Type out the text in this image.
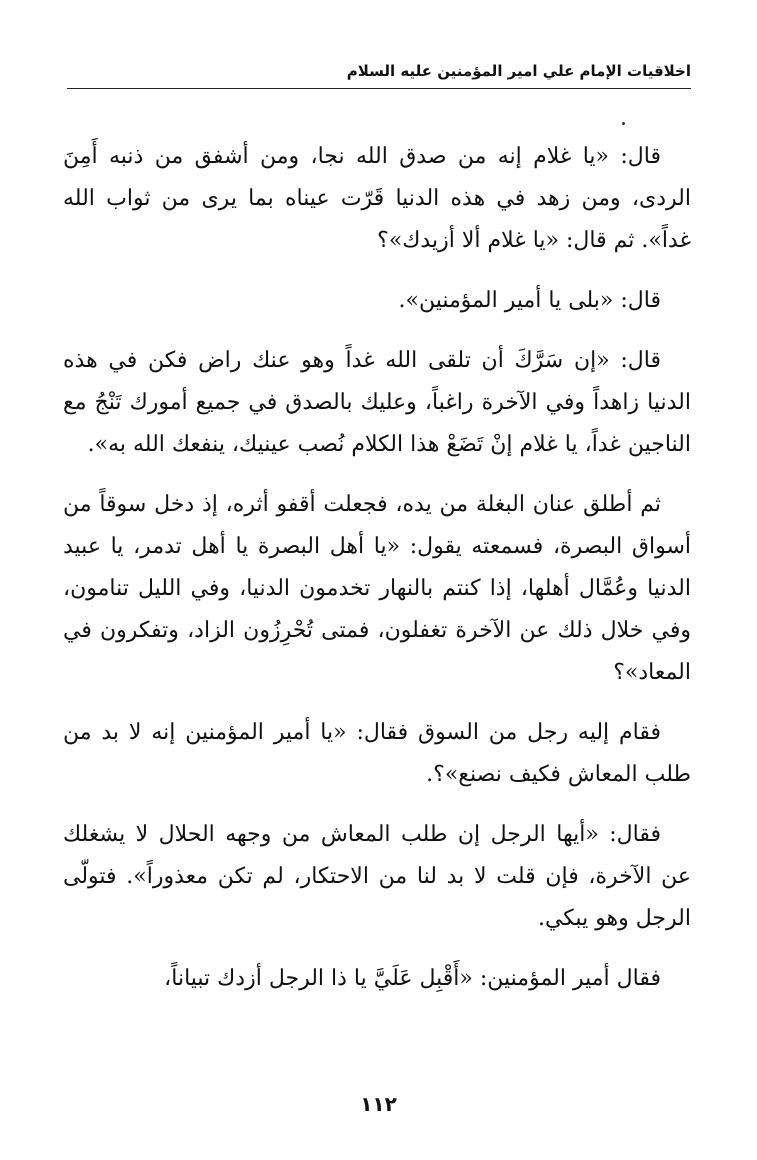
اخلاقيات الإمام علي امير المؤمنين عليه السلام

قال: «يا غلام إنه من صدق الله نجا، ومن أشفق من ذنبه أَمِنَ الردى، ومن زهد في هذه الدنيا قَرّت عيناه بما يرى من ثواب الله غداً». ثم قال: «يا غلام ألا أزيدك»؟

قال: «بلى يا أمير المؤمنين».

قال: «إن سَرَّكَ أن تلقى الله غداً وهو عنك راض فكن في هذه الدنيا زاهداً وفي الآخرة راغباً، وعليك بالصدق في جميع أمورك تَنْجُ مع الناجين غداً، يا غلام إنْ تَضَعْ هذا الكلام نُصب عينيك، ينفعك الله به».

ثم أطلق عنان البغلة من يده، فجعلت أقفو أثره، إذ دخل سوقاً من أسواق البصرة، فسمعته يقول: «يا أهل البصرة يا أهل تدمر، يا عبيد الدنيا وعُمَّال أهلها، إذا كنتم بالنهار تخدمون الدنيا، وفي الليل تنامون، وفي خلال ذلك عن الآخرة تغفلون، فمتى تُحْرِزُون الزاد، وتفكرون في المعاد»؟

فقام إليه رجل من السوق فقال: «يا أمير المؤمنين إنه لا بد من طلب المعاش فكيف نصنع»؟.

فقال: «أيها الرجل إن طلب المعاش من وجهه الحلال لا يشغلك عن الآخرة، فإن قلت لا بد لنا من الاحتكار، لم تكن معذوراً». فتولّى الرجل وهو يبكي.

فقال أمير المؤمنين: «أَقْبِل عَلَيَّ يا ذا الرجل أزدك تبياناً،

١١٢
